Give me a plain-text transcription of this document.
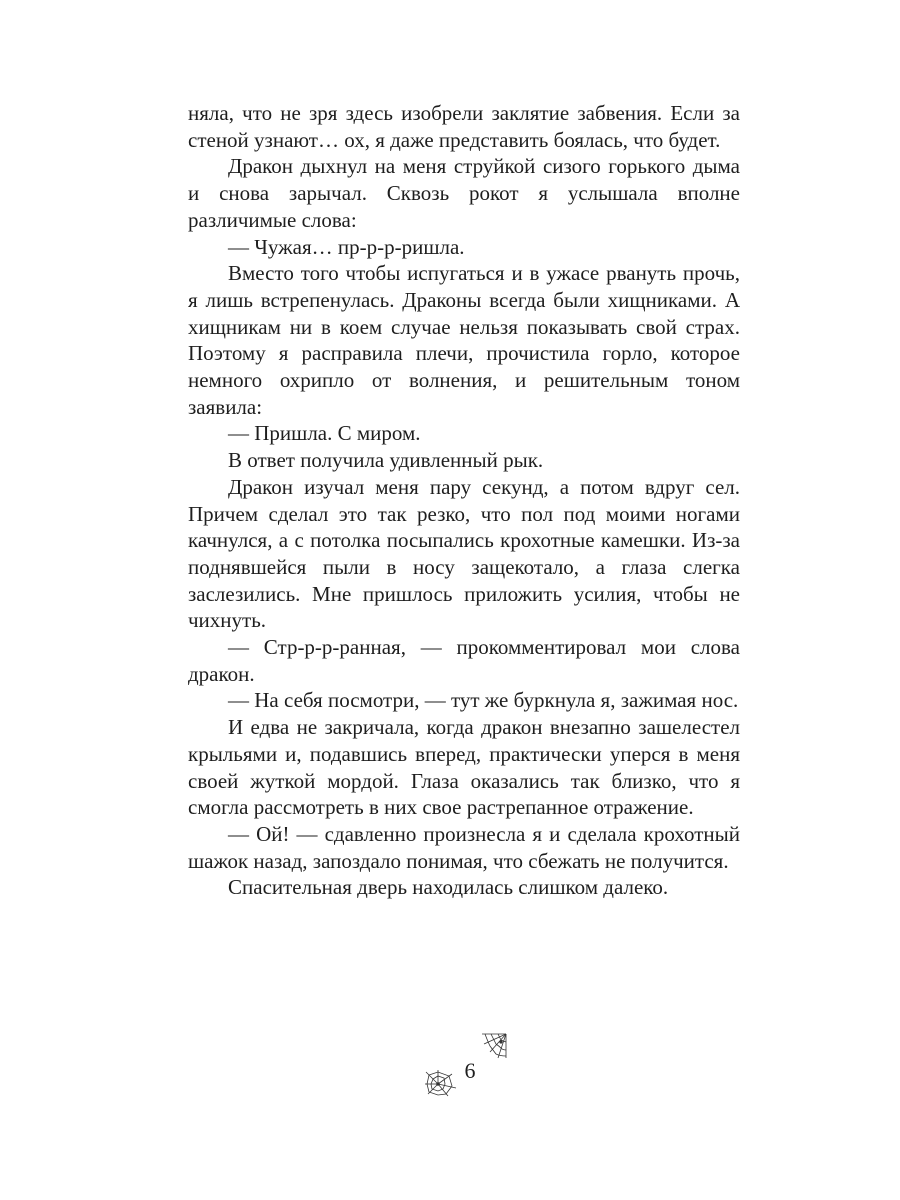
няла, что не зря здесь изобрели заклятие забвения. Если за стеной узнают… ох, я даже представить боялась, что будет.

Дракон дыхнул на меня струйкой сизого горького дыма и снова зарычал. Сквозь рокот я услышала вполне различимые слова:

— Чужая… пр-р-р-ришла.

Вместо того чтобы испугаться и в ужасе рвануть прочь, я лишь встрепенулась. Драконы всегда были хищниками. А хищникам ни в коем случае нельзя показывать свой страх. Поэтому я расправила плечи, прочистила горло, которое немного охрипло от волнения, и решительным тоном заявила:

— Пришла. С миром.

В ответ получила удивленный рык.

Дракон изучал меня пару секунд, а потом вдруг сел. Причем сделал это так резко, что пол под моими ногами качнулся, а с потолка посыпались крохотные камешки. Из-за поднявшейся пыли в носу защекотало, а глаза слегка заслезились. Мне пришлось приложить усилия, чтобы не чихнуть.

— Стр-р-р-ранная, — прокомментировал мои слова дракон.

— На себя посмотри, — тут же буркнула я, зажимая нос.

И едва не закричала, когда дракон внезапно зашелестел крыльями и, подавшись вперед, практически уперся в меня своей жуткой мордой. Глаза оказались так близко, что я смогла рассмотреть в них свое растрепанное отражение.

— Ой! — сдавленно произнесла я и сделала крохотный шажок назад, запоздало понимая, что сбежать не получится.

Спасительная дверь находилась слишком далеко.

6
